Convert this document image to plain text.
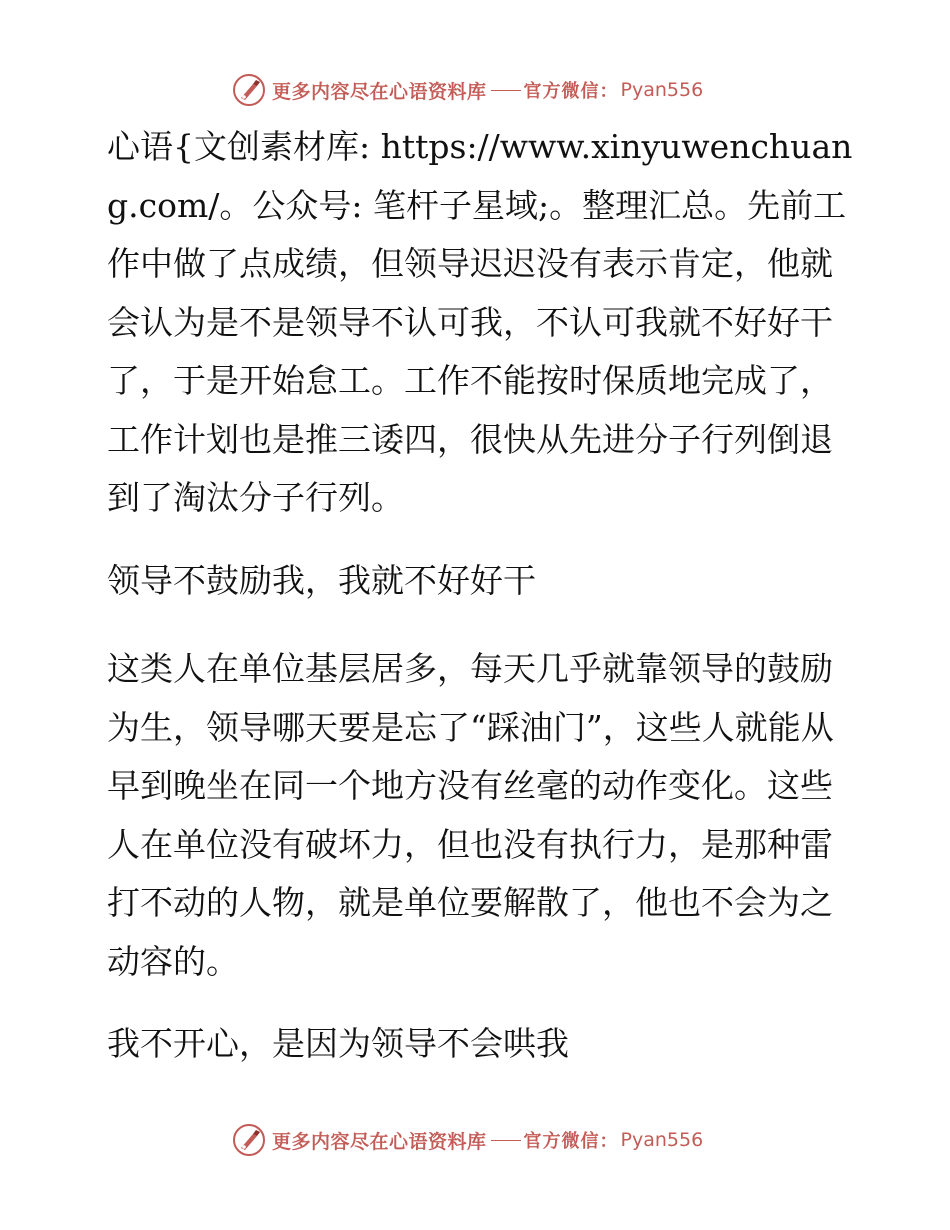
更多内容尽在心语资料库 官方微信： Pyan556

心语{文创素材库: https://www.xinyuwenchuang.com/。公众号: 笔杆子星域;。整理汇总。先前工作中做了点成绩，但领导迟迟没有表示肯定，他就会认为是不是领导不认可我，不认可我就不好好干了，于是开始怠工。工作不能按时保质地完成了，工作计划也是推三诿四，很快从先进分子行列倒退到了淘汰分子行列。

领导不鼓励我，我就不好好干

这类人在单位基层居多，每天几乎就靠领导的鼓励为生，领导哪天要是忘了“踩油门”，这些人就能从早到晚坐在同一个地方没有丝毫的动作变化。这些人在单位没有破坏力，但也没有执行力，是那种雷打不动的人物，就是单位要解散了，他也不会为之动容的。

我不开心，是因为领导不会哄我

更多内容尽在心语资料库 官方微信： Pyan556
